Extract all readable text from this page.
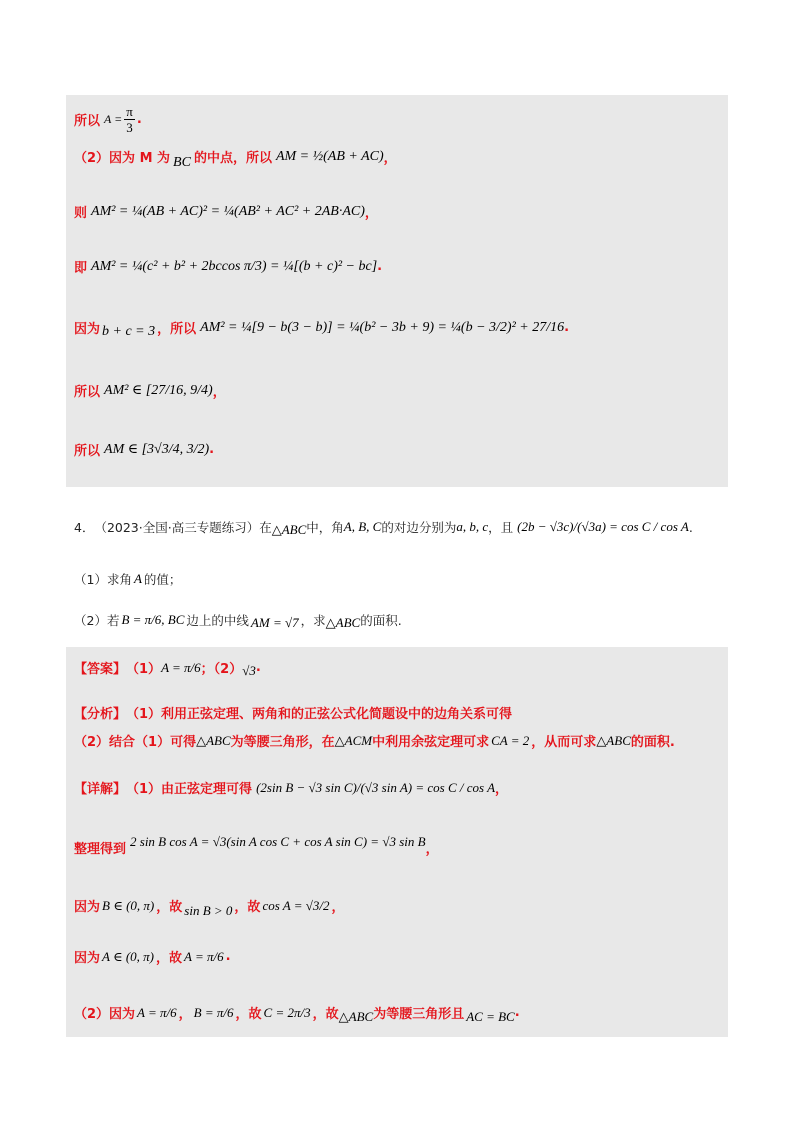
所以 $A = \frac{\pi}{3}$ .
（2）因为 M 为 BC 的中点，所以 AM = ½(AB + AC) ，
则 AM² = ¼(AB + AC)² = ¼(AB² + AC² + 2AB·AC) ，
即 AM² = ¼(c² + b² + 2bccos π/3) = ¼[(b + c)² − bc] .
因为 b + c = 3 ，所以 AM² = ¼[9 − b(3 − b)] = ¼(b² − 3b + 9) = ¼(b − 3/2)² + 27/16 .
所以 AM² ∈ [27/16, 9/4) ，
所以 AM ∈ [3√3/4, 3/2) .
4． （2023·全国·高三专题练习）在 △ABC 中，角 A, B, C 的对边分别为 a, b, c ，且 (2b − √3c)/(√3a) = cos C / cos A .
（1）求角 A 的值；
（2）若 B = π/6, BC 边上的中线 AM = √7 ，求 △ABC 的面积.
【答案】 （1） A = π/6 ；（2） √3 .
【分析】 （1）利用正弦定理、两角和的正弦公式化简题设中的边角关系可得
（2）结合（1）可得 △ABC 为等腰三角形，在 △ACM 中利用余弦定理可求 CA = 2 ，从而可求 △ABC 的面积.
【详解】 （1）由正弦定理可得 (2sin B − √3 sin C)/(√3 sin A) = cos C / cos A ，
整理得到
2 sin B cos A = √3(sin A cos C + cos A sin C) = √3 sin B
，
因为 B ∈ (0, π) ，故 sin B > 0 ，故 cos A = √3/2 ，
因为 A ∈ (0, π) ，故 A = π/6 .
（2）因为 A = π/6 ， B = π/6 ，故 C = 2π/3 ，故 △ABC 为等腰三角形且 AC = BC .
